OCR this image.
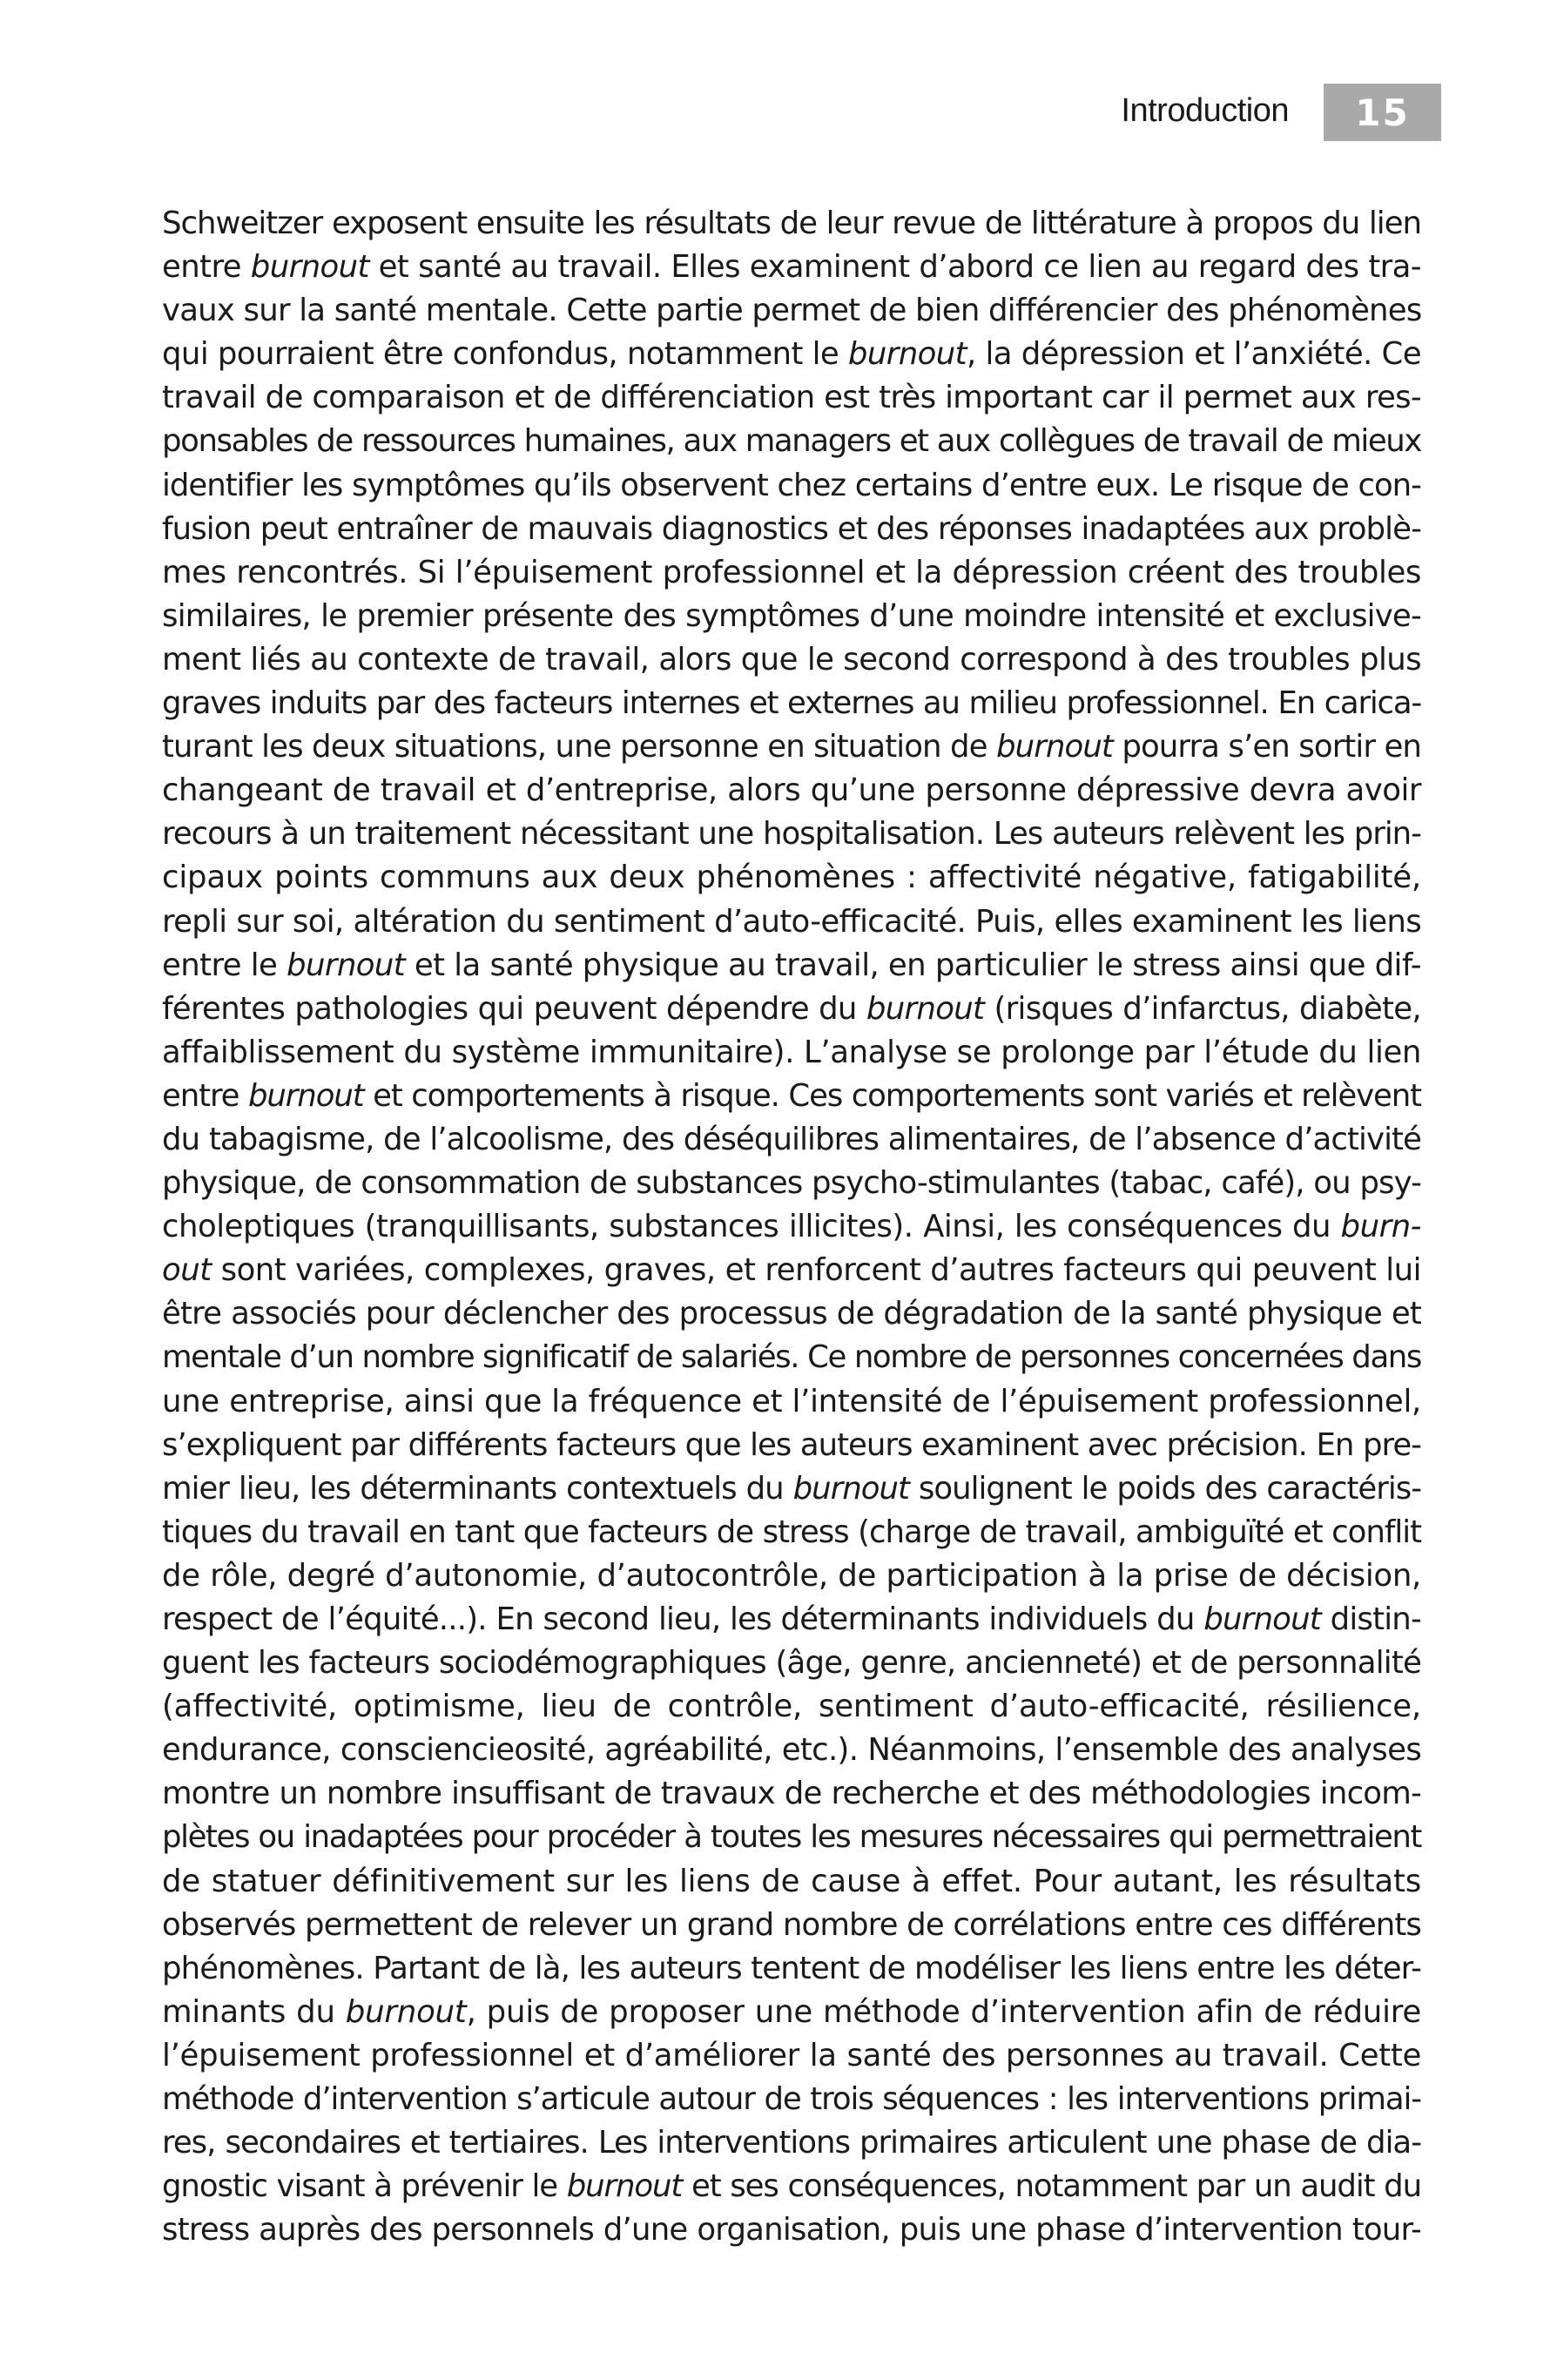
Introduction 15
Schweitzer exposent ensuite les résultats de leur revue de littérature à propos du lien
entre burnout et santé au travail. Elles examinent d’abord ce lien au regard des tra-
vaux sur la santé mentale. Cette partie permet de bien différencier des phénomènes
qui pourraient être confondus, notamment le burnout, la dépression et l’anxiété. Ce
travail de comparaison et de différenciation est très important car il permet aux res-
ponsables de ressources humaines, aux managers et aux collègues de travail de mieux
identifier les symptômes qu’ils observent chez certains d’entre eux. Le risque de con-
fusion peut entraîner de mauvais diagnostics et des réponses inadaptées aux problè-
mes rencontrés. Si l’épuisement professionnel et la dépression créent des troubles
similaires, le premier présente des symptômes d’une moindre intensité et exclusive-
ment liés au contexte de travail, alors que le second correspond à des troubles plus
graves induits par des facteurs internes et externes au milieu professionnel. En carica-
turant les deux situations, une personne en situation de burnout pourra s’en sortir en
changeant de travail et d’entreprise, alors qu’une personne dépressive devra avoir
recours à un traitement nécessitant une hospitalisation. Les auteurs relèvent les prin-
cipaux points communs aux deux phénomènes : affectivité négative, fatigabilité,
repli sur soi, altération du sentiment d’auto-efficacité. Puis, elles examinent les liens
entre le burnout et la santé physique au travail, en particulier le stress ainsi que dif-
férentes pathologies qui peuvent dépendre du burnout (risques d’infarctus, diabète,
affaiblissement du système immunitaire). L’analyse se prolonge par l’étude du lien
entre burnout et comportements à risque. Ces comportements sont variés et relèvent
du tabagisme, de l’alcoolisme, des déséquilibres alimentaires, de l’absence d’activité
physique, de consommation de substances psycho-stimulantes (tabac, café), ou psy-
choleptiques (tranquillisants, substances illicites). Ainsi, les conséquences du burn-
out sont variées, complexes, graves, et renforcent d’autres facteurs qui peuvent lui
être associés pour déclencher des processus de dégradation de la santé physique et
mentale d’un nombre significatif de salariés. Ce nombre de personnes concernées dans
une entreprise, ainsi que la fréquence et l’intensité de l’épuisement professionnel,
s’expliquent par différents facteurs que les auteurs examinent avec précision. En pre-
mier lieu, les déterminants contextuels du burnout soulignent le poids des caractéris-
tiques du travail en tant que facteurs de stress (charge de travail, ambiguïté et conflit
de rôle, degré d’autonomie, d’autocontrôle, de participation à la prise de décision,
respect de l’équité...). En second lieu, les déterminants individuels du burnout distin-
guent les facteurs sociodémographiques (âge, genre, ancienneté) et de personnalité
(affectivité, optimisme, lieu de contrôle, sentiment d’auto-efficacité, résilience,
endurance, consciencieosité, agréabilité, etc.). Néanmoins, l’ensemble des analyses
montre un nombre insuffisant de travaux de recherche et des méthodologies incom-
plètes ou inadaptées pour procéder à toutes les mesures nécessaires qui permettraient
de statuer définitivement sur les liens de cause à effet. Pour autant, les résultats
observés permettent de relever un grand nombre de corrélations entre ces différents
phénomènes. Partant de là, les auteurs tentent de modéliser les liens entre les déter-
minants du burnout, puis de proposer une méthode d’intervention afin de réduire
l’épuisement professionnel et d’améliorer la santé des personnes au travail. Cette
méthode d’intervention s’articule autour de trois séquences : les interventions primai-
res, secondaires et tertiaires. Les interventions primaires articulent une phase de dia-
gnostic visant à prévenir le burnout et ses conséquences, notamment par un audit du
stress auprès des personnels d’une organisation, puis une phase d’intervention tour-
